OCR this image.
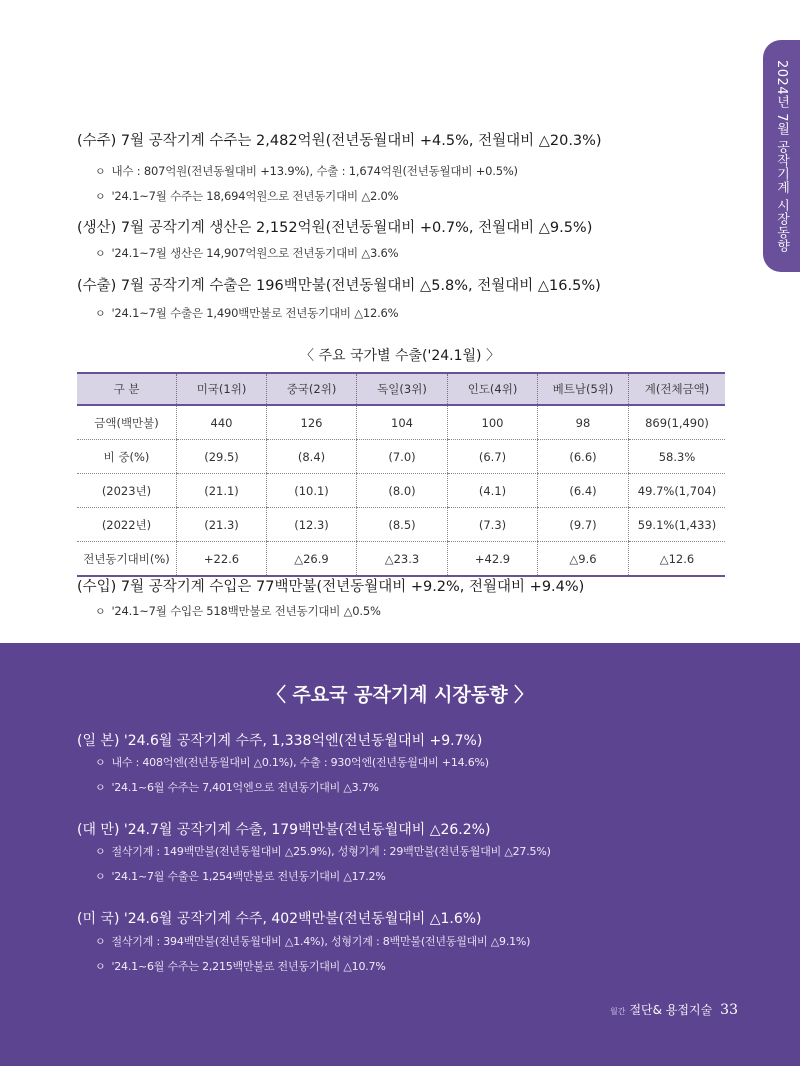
2024년 7월 공작기계 시장동향
(수주) 7월 공작기계 수주는 2,482억원(전년동월대비 +4.5%, 전월대비 △20.3%)
ㅇ 내수 : 807억원(전년동월대비 +13.9%), 수출 : 1,674억원(전년동월대비 +0.5%)
ㅇ '24.1~7월 수주는 18,694억원으로 전년동기대비 △2.0%
(생산) 7월 공작기계 생산은 2,152억원(전년동월대비 +0.7%, 전월대비 △9.5%)
ㅇ '24.1~7월 생산은 14,907억원으로 전년동기대비 △3.6%
(수출) 7월 공작기계 수출은 196백만불(전년동월대비 △5.8%, 전월대비 △16.5%)
ㅇ '24.1~7월 수출은 1,490백만불로 전년동기대비 △12.6%
〈 주요 국가별 수출('24.1월) 〉
구 분	미국(1위)	중국(2위)	독일(3위)	인도(4위)	베트남(5위)	계(전체금액)
금액(백만불)	440	126	104	100	98	869(1,490)
비 중(%)	(29.5)	(8.4)	(7.0)	(6.7)	(6.6)	58.3%
(2023년)	(21.1)	(10.1)	(8.0)	(4.1)	(6.4)	49.7%(1,704)
(2022년)	(21.3)	(12.3)	(8.5)	(7.3)	(9.7)	59.1%(1,433)
전년동기대비(%)	+22.6	△26.9	△23.3	+42.9	△9.6	△12.6
(수입) 7월 공작기계 수입은 77백만불(전년동월대비 +9.2%, 전월대비 +9.4%)
ㅇ '24.1~7월 수입은 518백만불로 전년동기대비 △0.5%
〈 주요국 공작기계 시장동향 〉
(일 본) '24.6월 공작기계 수주, 1,338억엔(전년동월대비 +9.7%)
ㅇ 내수 : 408억엔(전년동월대비 △0.1%), 수출 : 930억엔(전년동월대비 +14.6%)
ㅇ '24.1~6월 수주는 7,401억엔으로 전년동기대비 △3.7%
(대 만) '24.7월 공작기계 수출, 179백만불(전년동월대비 △26.2%)
ㅇ 절삭기계 : 149백만불(전년동월대비 △25.9%), 성형기계 : 29백만불(전년동월대비 △27.5%)
ㅇ '24.1~7월 수출은 1,254백만불로 전년동기대비 △17.2%
(미 국) '24.6월 공작기계 수주, 402백만불(전년동월대비 △1.6%)
ㅇ 절삭기계 : 394백만불(전년동월대비 △1.4%), 성형기계 : 8백만불(전년동월대비 △9.1%)
ㅇ '24.1~6월 수주는 2,215백만불로 전년동기대비 △10.7%
월간 절단& 용접지술 33
